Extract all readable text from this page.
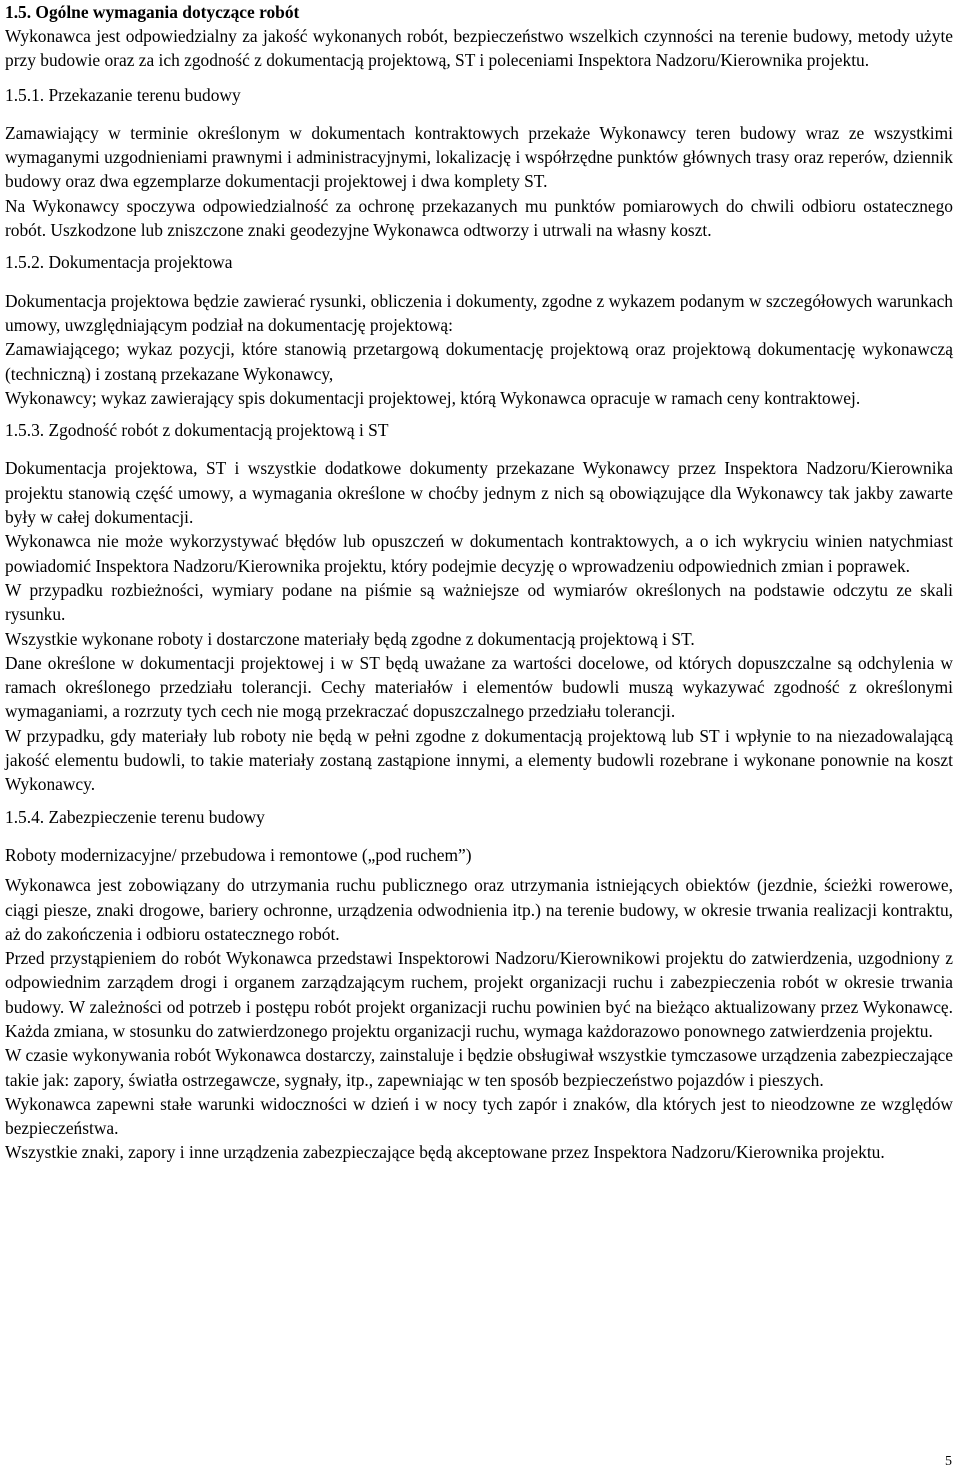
1.5. Ogólne wymagania dotyczące robót

Wykonawca jest odpowiedzialny za jakość wykonanych robót, bezpieczeństwo wszelkich czynności na terenie budowy, metody użyte przy budowie oraz za ich zgodność z dokumentacją projektową, ST i poleceniami Inspektora Nadzoru/Kierownika projektu.

1.5.1. Przekazanie terenu budowy

Zamawiający w terminie określonym w dokumentach kontraktowych przekaże Wykonawcy teren budowy wraz ze wszystkimi wymaganymi uzgodnieniami prawnymi i administracyjnymi, lokalizację i współrzędne punktów głównych trasy oraz reperów, dziennik budowy oraz dwa egzemplarze dokumentacji projektowej i dwa komplety ST.

Na Wykonawcy spoczywa odpowiedzialność za ochronę przekazanych mu punktów pomiarowych do chwili odbioru ostatecznego robót. Uszkodzone lub zniszczone znaki geodezyjne Wykonawca odtworzy i utrwali na własny koszt.

1.5.2. Dokumentacja projektowa

Dokumentacja projektowa będzie zawierać rysunki, obliczenia i dokumenty, zgodne z wykazem podanym w szczegółowych warunkach umowy, uwzględniającym podział na dokumentację projektową:

Zamawiającego; wykaz pozycji, które stanowią przetargową dokumentację projektową oraz projektową dokumentację wykonawczą (techniczną) i zostaną przekazane Wykonawcy,

Wykonawcy; wykaz zawierający spis dokumentacji projektowej, którą Wykonawca opracuje w ramach ceny kontraktowej.

1.5.3. Zgodność robót z dokumentacją projektową i ST

Dokumentacja projektowa, ST i wszystkie dodatkowe dokumenty przekazane Wykonawcy przez Inspektora Nadzoru/Kierownika projektu stanowią część umowy, a wymagania określone w choćby jednym z nich są obowiązujące dla Wykonawcy tak jakby zawarte były w całej dokumentacji.

Wykonawca nie może wykorzystywać błędów lub opuszczeń w dokumentach kontraktowych, a o ich wykryciu winien natychmiast powiadomić Inspektora Nadzoru/Kierownika projektu, który podejmie decyzję o wprowadzeniu odpowiednich zmian i poprawek.

W przypadku rozbieżności, wymiary podane na piśmie są ważniejsze od wymiarów określonych na podstawie odczytu ze skali rysunku.

Wszystkie wykonane roboty i dostarczone materiały będą zgodne z dokumentacją projektową i ST.

Dane określone w dokumentacji projektowej i w ST będą uważane za wartości docelowe, od których dopuszczalne są odchylenia w ramach określonego przedziału tolerancji. Cechy materiałów i elementów budowli muszą wykazywać zgodność z określonymi wymaganiami, a rozrzuty tych cech nie mogą przekraczać dopuszczalnego przedziału tolerancji.

W przypadku, gdy materiały lub roboty nie będą w pełni zgodne z dokumentacją projektową lub ST i wpłynie to na niezadowalającą jakość elementu budowli, to takie materiały zostaną zastąpione innymi, a elementy budowli rozebrane i wykonane ponownie na koszt Wykonawcy.

1.5.4. Zabezpieczenie terenu budowy

Roboty modernizacyjne/ przebudowa i remontowe („pod ruchem”)

Wykonawca jest zobowiązany do utrzymania ruchu publicznego oraz utrzymania istniejących obiektów (jezdnie, ścieżki rowerowe, ciągi piesze, znaki drogowe, bariery ochronne, urządzenia odwodnienia itp.) na terenie budowy, w okresie trwania realizacji kontraktu, aż do zakończenia i odbioru ostatecznego robót.

Przed przystąpieniem do robót Wykonawca przedstawi Inspektorowi Nadzoru/Kierownikowi projektu do zatwierdzenia, uzgodniony z odpowiednim zarządem drogi i organem zarządzającym ruchem, projekt organizacji ruchu i zabezpieczenia robót w okresie trwania budowy. W zależności od potrzeb i postępu robót projekt organizacji ruchu powinien być na bieżąco aktualizowany przez Wykonawcę. Każda zmiana, w stosunku do zatwierdzonego projektu organizacji ruchu, wymaga każdorazowo ponownego zatwierdzenia projektu.

W czasie wykonywania robót Wykonawca dostarczy, zainstaluje i będzie obsługiwał wszystkie tymczasowe urządzenia zabezpieczające takie jak: zapory, światła ostrzegawcze, sygnały, itp., zapewniając w ten sposób bezpieczeństwo pojazdów i pieszych.

Wykonawca zapewni stałe warunki widoczności w dzień i w nocy tych zapór i znaków, dla których jest to nieodzowne ze względów bezpieczeństwa.

Wszystkie znaki, zapory i inne urządzenia zabezpieczające będą akceptowane przez Inspektora Nadzoru/Kierownika projektu.

5
